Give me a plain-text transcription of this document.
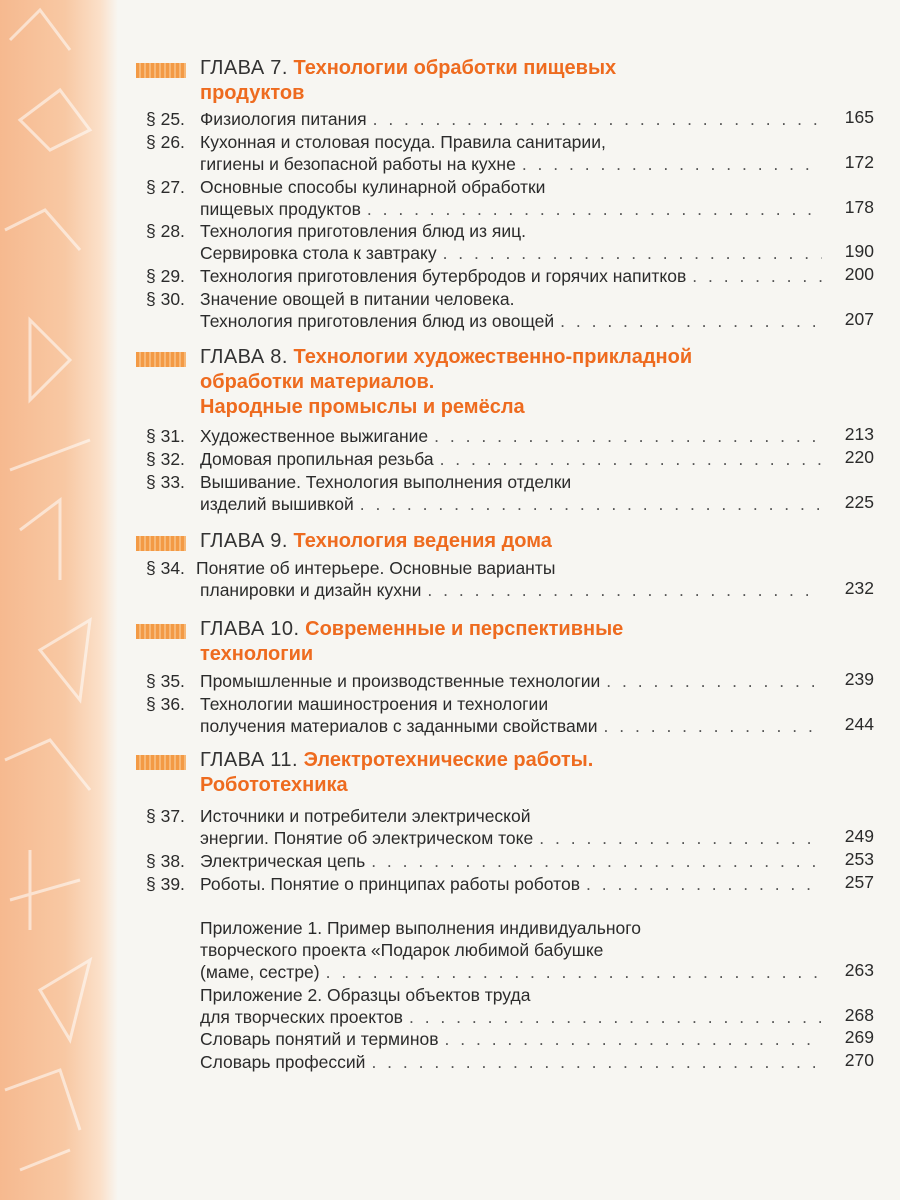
ГЛАВА 7. Технологии обработки пищевых
продуктов
§ 25. Физиология питания . . .	165
§ 26. Кухонная и столовая посуда. Правила санитарии,
гигиены и безопасной работы на кухне . . .	172
§ 27. Основные способы кулинарной обработки
пищевых продуктов . . .	178
§ 28. Технология приготовления блюд из яиц.
Сервировка стола к завтраку . . .	190
§ 29. Технология приготовления бутербродов и горячих напитков . . .	200
§ 30. Значение овощей в питании человека.
Технология приготовления блюд из овощей . . .	207
ГЛАВА 8. Технологии художественно-прикладной
обработки материалов.
Народные промыслы и ремёсла
§ 31. Художественное выжигание . . .	213
§ 32. Домовая пропильная резьба . . .	220
§ 33. Вышивание. Технология выполнения отделки
изделий вышивкой . . .	225
ГЛАВА 9. Технология ведения дома
§ 34. Понятие об интерьере. Основные варианты
планировки и дизайн кухни . . .	232
ГЛАВА 10. Современные и перспективные
технологии
§ 35. Промышленные и производственные технологии . . .	239
§ 36. Технологии машиностроения и технологии
получения материалов с заданными свойствами . . .	244
ГЛАВА 11. Электротехнические работы.
Робототехника
§ 37. Источники и потребители электрической
энергии. Понятие об электрическом токе . . .	249
§ 38. Электрическая цепь . . .	253
§ 39. Роботы. Понятие о принципах работы роботов . . .	257
Приложение 1. Пример выполнения индивидуального
творческого проекта «Подарок любимой бабушке
(маме, сестре) . . .	263
Приложение 2. Образцы объектов труда
для творческих проектов . . .	268
Словарь понятий и терминов . . .	269
Словарь профессий . . .	270
